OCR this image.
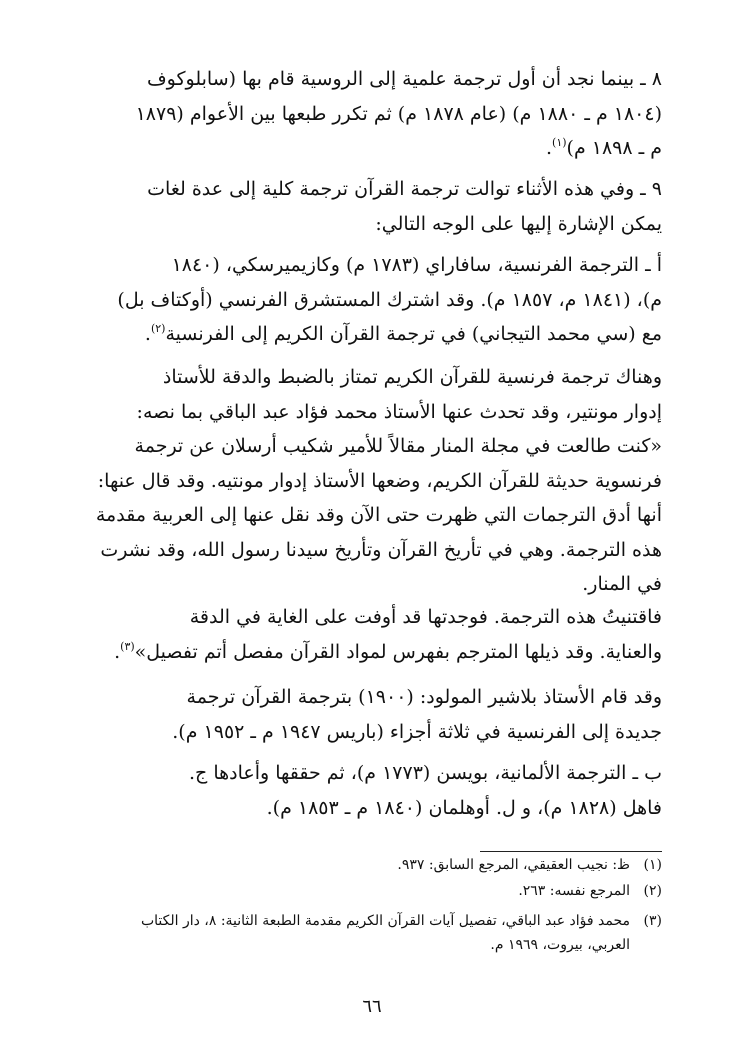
٨ ـ بينما نجد أن أول ترجمة علمية إلى الروسية قام بها (سابلوكوف
(١٨٠٤ م ـ ١٨٨٠ م) (عام ١٨٧٨ م) ثم تكرر طبعها بين الأعوام (١٨٧٩
م ـ ١٨٩٨ م)$^{(١)}$.

٩ ـ وفي هذه الأثناء توالت ترجمة القرآن ترجمة كلية إلى عدة لغات
يمكن الإشارة إليها على الوجه التالي:

أ ـ الترجمة الفرنسية، سافاراي (١٧٨٣ م) وكازيميرسكي، (١٨٤٠
م)، (١٨٤١ م، ١٨٥٧ م). وقد اشترك المستشرق الفرنسي (أوكتاف بل)
مع (سي محمد التيجاني) في ترجمة القرآن الكريم إلى الفرنسية$^{(٢)}$.

وهناك ترجمة فرنسية للقرآن الكريم تمتاز بالضبط والدقة للأستاذ
إدوار مونتير، وقد تحدث عنها الأستاذ محمد فؤاد عبد الباقي بما نصه:
«كنت طالعت في مجلة المنار مقالاً للأمير شكيب أرسلان عن ترجمة
فرنسوية حديثة للقرآن الكريم، وضعها الأستاذ إدوار مونتيه. وقد قال عنها:
أنها أدق الترجمات التي ظهرت حتى الآن وقد نقل عنها إلى العربية مقدمة
هذه الترجمة. وهي في تأريخ القرآن وتأريخ سيدنا رسول الله، وقد نشرت
في المنار.

فاقتنيتُ هذه الترجمة. فوجدتها قد أوفت على الغاية في الدقة
والعناية. وقد ذيلها المترجم بفهرس لمواد القرآن مفصل أتم تفصيل»$^{(٣)}$.

وقد قام الأستاذ بلاشير المولود: (١٩٠٠) بترجمة القرآن ترجمة
جديدة إلى الفرنسية في ثلاثة أجزاء (باريس ١٩٤٧ م ـ ١٩٥٢ م).

ب ـ الترجمة الألمانية، بويسن (١٧٧٣ م)، ثم حققها وأعادها ج.
فاهل (١٨٢٨ م)، و ل. أوهلمان (١٨٤٠ م ـ ١٨٥٣ م).

(١)ظ: نجيب العقيقي، المرجع السابق: ٩٣٧.

(٢)المرجع نفسه: ٢٦٣.

(٣)محمد فؤاد عبد الباقي، تفصيل آيات القرآن الكريم مقدمة الطبعة الثانية: ٨، دار الكتاب
العربي، بيروت، ١٩٦٩ م.

٦٦
